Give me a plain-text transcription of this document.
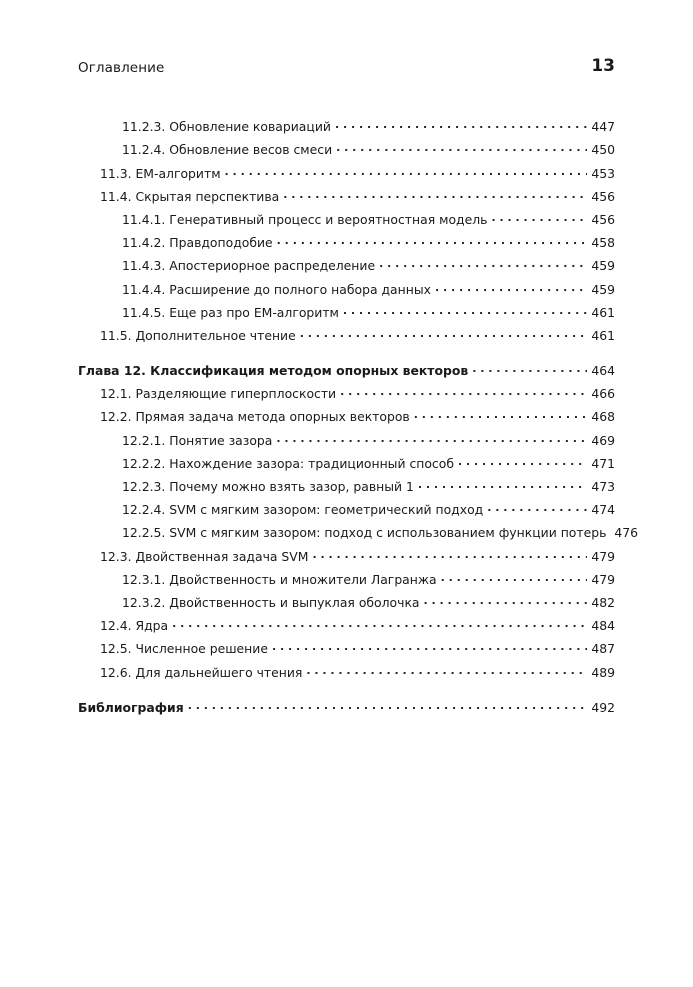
Оглавление	13
11.2.3. Обновление ковариаций . . .	447
11.2.4. Обновление весов смеси . . .	450
11.3. ЕМ-алгоритм . . .	453
11.4. Скрытая перспектива . . .	456
11.4.1. Генеративный процесс и вероятностная модель . . .	456
11.4.2. Правдоподобие . . .	458
11.4.3. Апостериорное распределение . . .	459
11.4.4. Расширение до полного набора данных . . .	459
11.4.5. Еще раз про ЕМ-алгоритм . . .	461
11.5. Дополнительное чтение . . .	461
Глава 12. Классификация методом опорных векторов . . .	464
12.1. Разделяющие гиперплоскости . . .	466
12.2. Прямая задача метода опорных векторов . . .	468
12.2.1. Понятие зазора . . .	469
12.2.2. Нахождение зазора: традиционный способ . . .	471
12.2.3. Почему можно взять зазор, равный 1 . . .	473
12.2.4. SVM с мягким зазором: геометрический подход . . .	474
12.2.5. SVM с мягким зазором: подход с использованием функции потерь 476
12.3. Двойственная задача SVM . . .	479
12.3.1. Двойственность и множители Лагранжа . . .	479
12.3.2. Двойственность и выпуклая оболочка . . .	482
12.4. Ядра . . .	484
12.5. Численное решение . . .	487
12.6. Для дальнейшего чтения . . .	489
Библиография . . .	492
